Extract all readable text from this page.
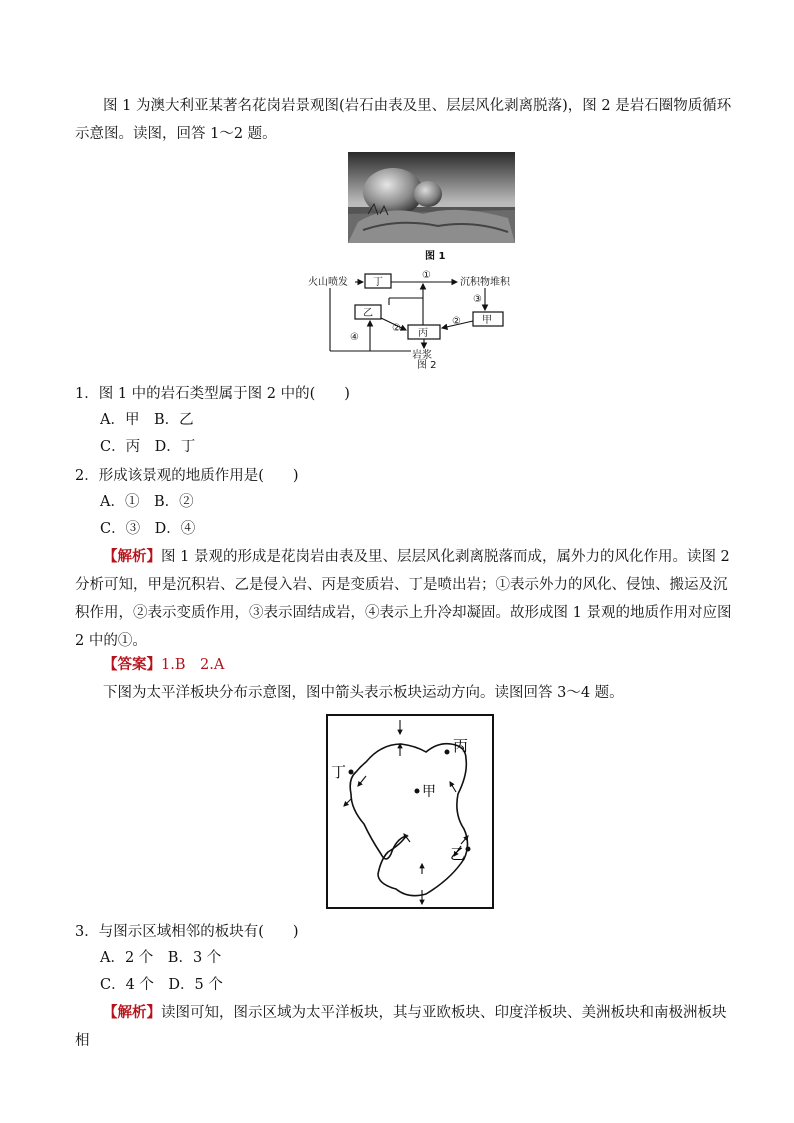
图 1 为澳大利亚某著名花岗岩景观图(岩石由表及里、层层风化剥离脱落)，图 2 是岩石圈物质循环示意图。读图，回答 1～2 题。

图 1
火山喷发	丁
①
沉积物堆积
③
甲
②
乙
丙
②
岩浆
④
图 2

1．图 1 中的岩石类型属于图 2 中的(　　)

A．甲　B．乙
C．丙　D．丁

2．形成该景观的地质作用是(　　)

A．①　B．②
C．③　D．④

【解析】图 1 景观的形成是花岗岩由表及里、层层风化剥离脱落而成，属外力的风化作用。读图 2 分析可知，甲是沉积岩、乙是侵入岩、丙是变质岩、丁是喷出岩；①表示外力的风化、侵蚀、搬运及沉积作用，②表示变质作用，③表示固结成岩，④表示上升冷却凝固。故形成图 1 景观的地质作用对应图 2 中的①。

【答案】1.B　2.A

下图为太平洋板块分布示意图，图中箭头表示板块运动方向。读图回答 3～4 题。

甲
丙
丁
乙

3．与图示区域相邻的板块有(　　)

A．2 个　B．3 个
C．4 个　D．5 个

【解析】读图可知，图示区域为太平洋板块，其与亚欧板块、印度洋板块、美洲板块和南极洲板块相
